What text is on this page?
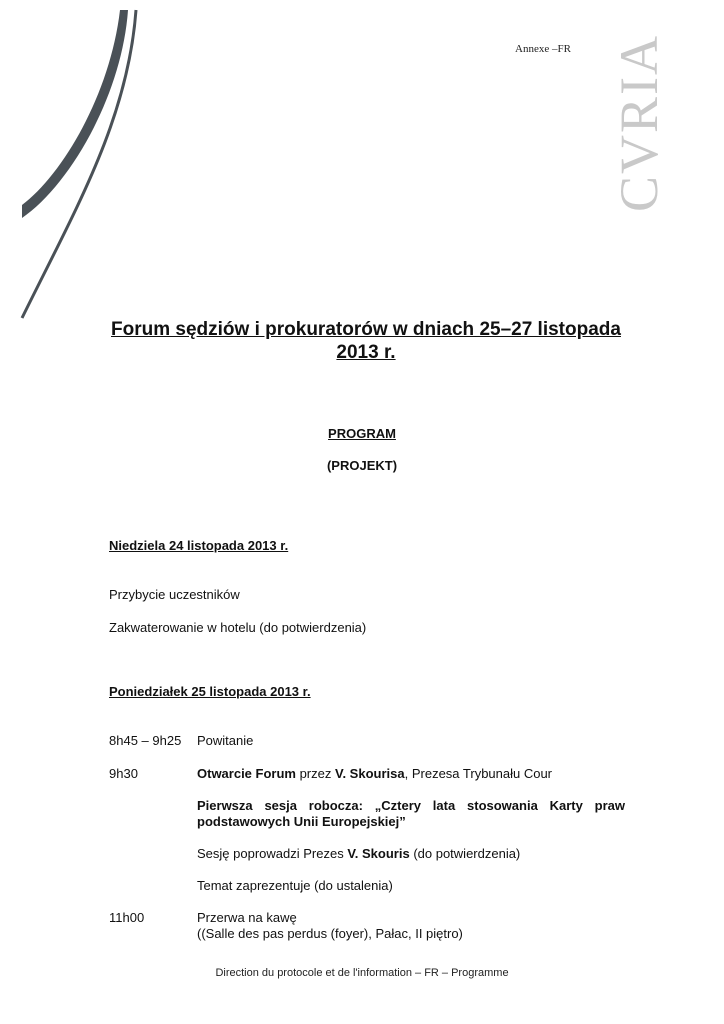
Annexe –FR CVRIA
Forum sędziów i prokuratorów w dniach 25–27 listopada
2013 r.
PROGRAM
(PROJEKT)
Niedziela 24 listopada 2013 r.
Przybycie uczestników
Zakwaterowanie w hotelu (do potwierdzenia)
Poniedziałek 25 listopada 2013 r.
8h45 – 9h25 Powitanie
9h30	Otwarcie Forum przez V. Skourisa, Prezesa Trybunału Cour
Pierwsza sesja robocza: „Cztery lata stosowania Karty praw
podstawowych Unii Europejskiej”
Sesję poprowadzi Prezes V. Skouris (do potwierdzenia)
Temat zaprezentuje (do ustalenia)
11h00	Przerwa na kawę
((Salle des pas perdus (foyer), Pałac, II piętro)
Direction du protocole et de l'information – FR – Programme
